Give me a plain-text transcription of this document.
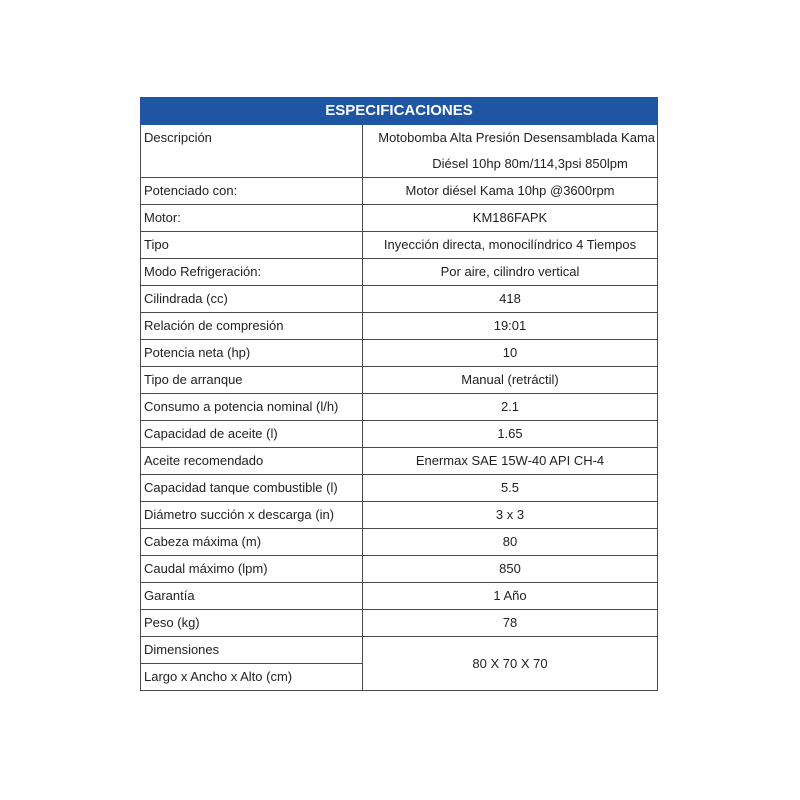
ESPECIFICACIONES	
Descripción	Motobomba Alta Presión Desensamblada Kama
Diésel 10hp 80m/114,3psi 850lpm

Potenciado con:	Motor diésel Kama 10hp @3600rpm
Motor:	KM186FAPK
Tipo	Inyección directa, monocilíndrico 4 Tiempos
Modo Refrigeración:	Por aire, cilindro vertical
Cilindrada (cc)	418
Relación de compresión	19:01
Potencia neta (hp)	10
Tipo de arranque	Manual (retráctil)
Consumo a potencia nominal (l/h)	2.1
Capacidad de aceite (l)	1.65
Aceite recomendado	Enermax SAE 15W-40 API CH-4
Capacidad tanque combustible (l)	5.5
Diámetro succión x descarga (in)	3 x 3
Cabeza máxima (m)	80
Caudal máximo (lpm)	850
Garantía	1 Año
Peso (kg)	78
Dimensiones	80 X 70 X 70
Largo x Ancho x Alto (cm)	
